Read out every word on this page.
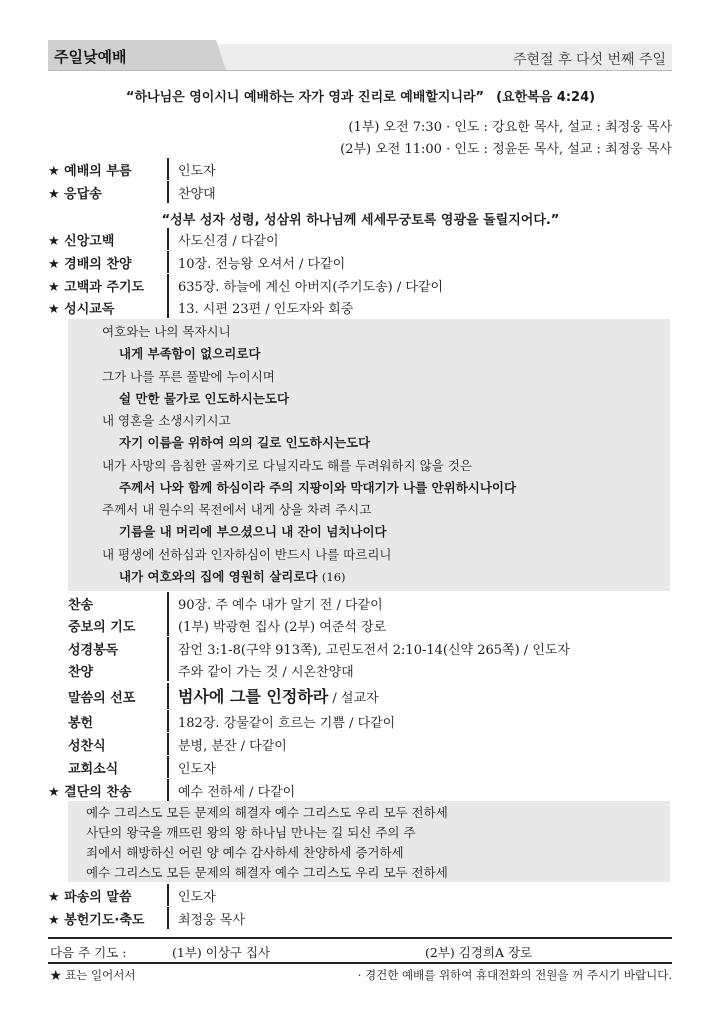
주일낮예배	주현절 후 다섯 번째 주일
“하나님은 영이시니 예배하는 자가 영과 진리로 예배할지니라” (요한복음 4:24)
(1부) 오전 7:30 · 인도 : 강요한 목사, 설교 : 최정웅 목사
(2부) 오전 11:00 · 인도 : 정윤돈 목사, 설교 : 최정웅 목사
★ 예배의 부름	인도자
★ 응답송	찬양대
“성부 성자 성령, 성삼위 하나님께 세세무궁토록 영광을 돌릴지어다.”
★ 신앙고백	사도신경 / 다같이
★ 경배의 찬양	10장. 전능왕 오셔서 / 다같이
★ 고백과 주기도	635장. 하늘에 계신 아버지(주기도송) / 다같이
★ 성시교독	13. 시편 23편 / 인도자와 회중
여호와는 나의 목자시니
내게 부족함이 없으리로다
그가 나를 푸른 풀밭에 누이시며
쉴 만한 물가로 인도하시는도다
내 영혼을 소생시키시고
자기 이름을 위하여 의의 길로 인도하시는도다
내가 사망의 음침한 골짜기로 다닐지라도 해를 두려워하지 않을 것은
주께서 나와 함께 하심이라 주의 지팡이와 막대기가 나를 안위하시나이다
주께서 내 원수의 목전에서 내게 상을 차려 주시고
기름을 내 머리에 부으셨으니 내 잔이 넘치나이다
내 평생에 선하심과 인자하심이 반드시 나를 따르리니
내가 여호와의 집에 영원히 살리로다 (16)
찬송	90장. 주 예수 내가 알기 전 / 다같이
중보의 기도	(1부) 박광현 집사 (2부) 여준석 장로
성경봉독	잠언 3:1-8(구약 913쪽), 고린도전서 2:10-14(신약 265쪽) / 인도자
찬양	주와 같이 가는 것 / 시온찬양대
말씀의 선포	범사에 그를 인정하라 / 설교자
봉헌	182장. 강물같이 흐르는 기쁨 / 다같이
성찬식	분병, 분잔 / 다같이
교회소식	인도자
★ 결단의 찬송	예수 전하세 / 다같이
예수 그리스도 모든 문제의 해결자 예수 그리스도 우리 모두 전하세
사단의 왕국을 깨뜨린 왕의 왕 하나님 만나는 길 되신 주의 주
죄에서 해방하신 어린 양 예수 감사하세 찬양하세 증거하세
예수 그리스도 모든 문제의 해결자 예수 그리스도 우리 모두 전하세
★ 파송의 말씀	인도자
★ 봉헌기도·축도	최정웅 목사
다음 주 기도 :	(1부) 이상구 집사	(2부) 김경희A 장로
★ 표는 일어서서	· 경건한 예배를 위하여 휴대전화의 전원을 꺼 주시기 바랍니다.
